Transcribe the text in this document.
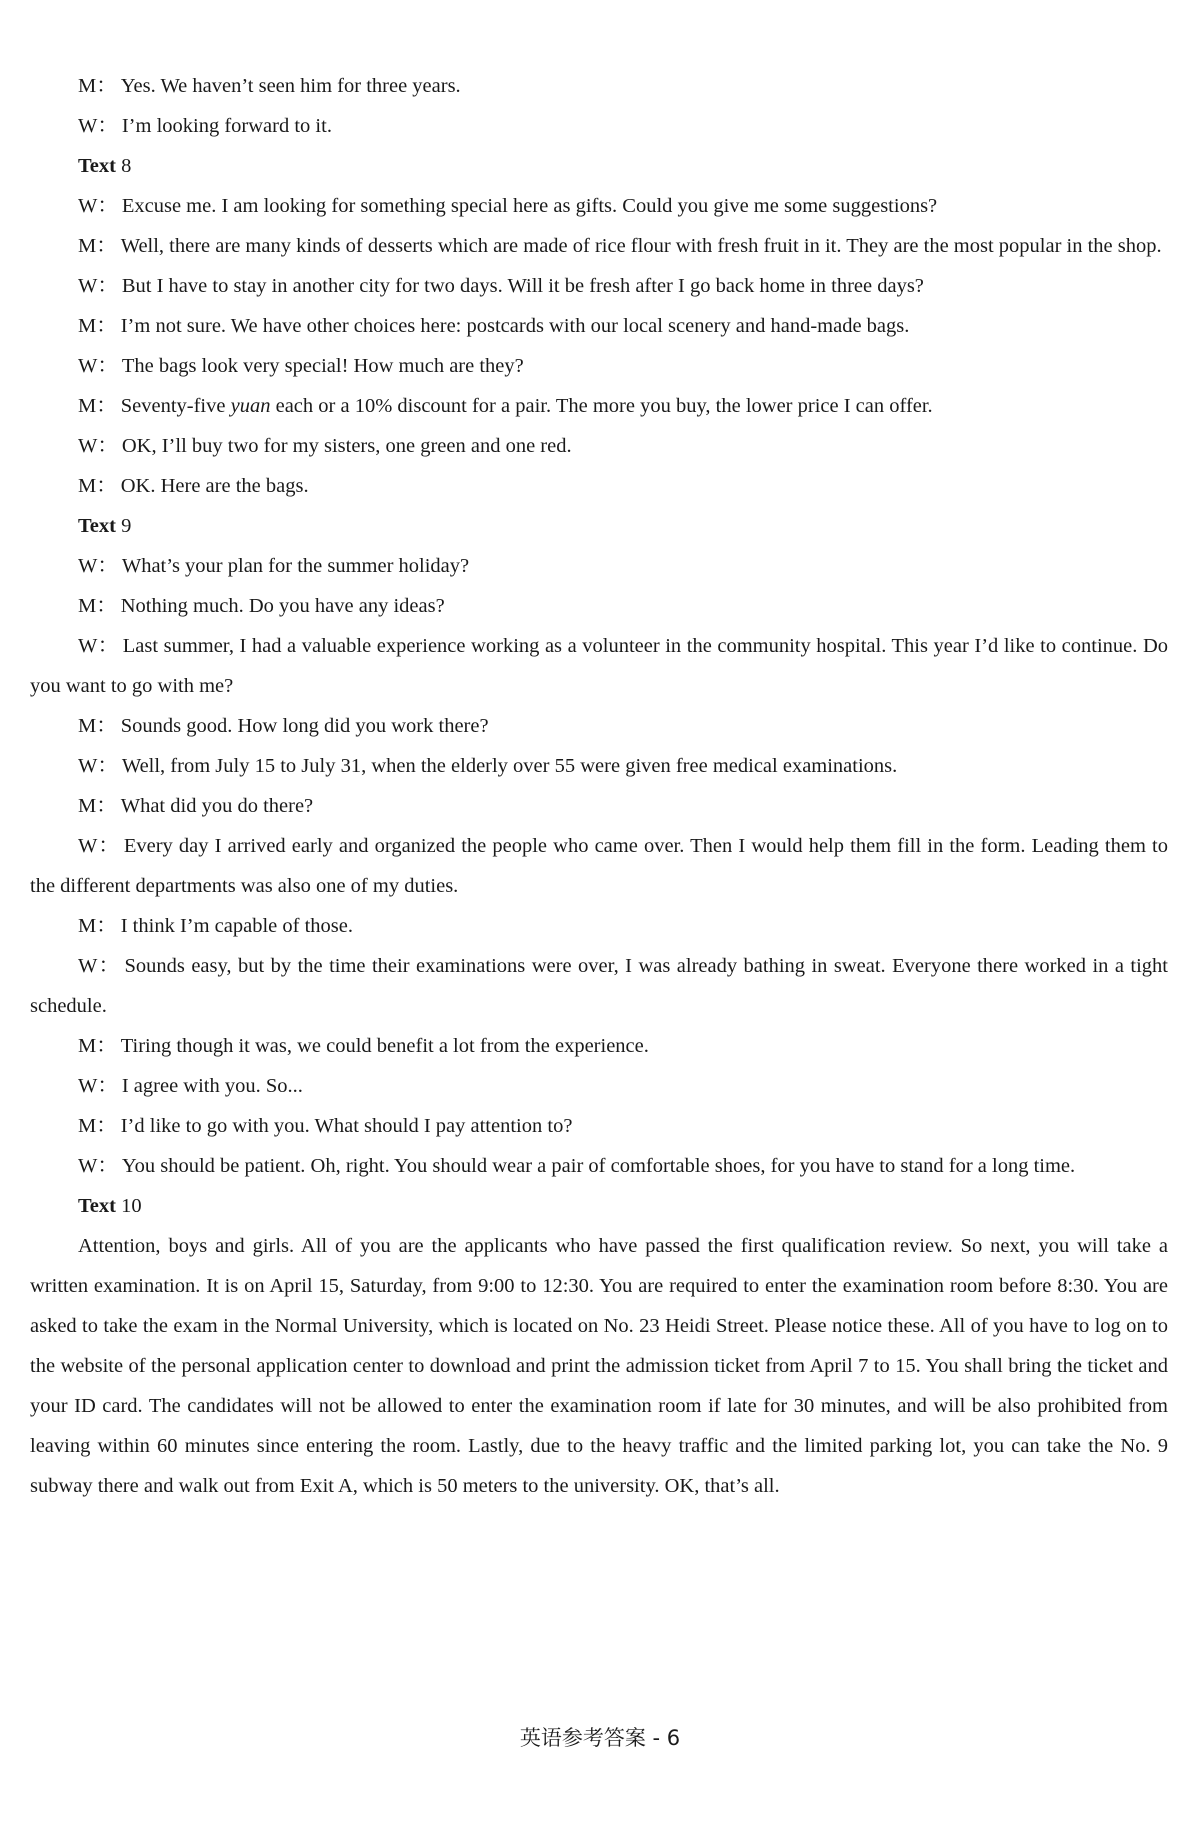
M： Yes. We haven’t seen him for three years.

W： I’m looking forward to it.

Text 8

W： Excuse me. I am looking for something special here as gifts. Could you give me some suggestions?

M： Well, there are many kinds of desserts which are made of rice flour with fresh fruit in it. They are the most popular in the shop.

W： But I have to stay in another city for two days. Will it be fresh after I go back home in three days?

M： I’m not sure. We have other choices here: postcards with our local scenery and hand-made bags.

W： The bags look very special! How much are they?

M： Seventy-five yuan each or a 10% discount for a pair. The more you buy, the lower price I can offer.

W： OK, I’ll buy two for my sisters, one green and one red.

M： OK. Here are the bags.

Text 9

W： What’s your plan for the summer holiday?

M： Nothing much. Do you have any ideas?

W： Last summer, I had a valuable experience working as a volunteer in the community hospital. This year I’d like to continue. Do you want to go with me?

M： Sounds good. How long did you work there?

W： Well, from July 15 to July 31, when the elderly over 55 were given free medical examinations.

M： What did you do there?

W： Every day I arrived early and organized the people who came over. Then I would help them fill in the form. Leading them to the different departments was also one of my duties.

M： I think I’m capable of those.

W： Sounds easy, but by the time their examinations were over, I was already bathing in sweat. Everyone there worked in a tight schedule.

M： Tiring though it was, we could benefit a lot from the experience.

W： I agree with you. So...

M： I’d like to go with you. What should I pay attention to?

W： You should be patient. Oh, right. You should wear a pair of comfortable shoes, for you have to stand for a long time.

Text 10

Attention, boys and girls. All of you are the applicants who have passed the first qualification review. So next, you will take a written examination. It is on April 15, Saturday, from 9:00 to 12:30. You are required to enter the examination room before 8:30. You are asked to take the exam in the Normal University, which is located on No. 23 Heidi Street. Please notice these. All of you have to log on to the website of the personal application center to download and print the admission ticket from April 7 to 15. You shall bring the ticket and your ID card. The candidates will not be allowed to enter the examination room if late for 30 minutes, and will be also prohibited from leaving within 60 minutes since entering the room. Lastly, due to the heavy traffic and the limited parking lot, you can take the No. 9 subway there and walk out from Exit A, which is 50 meters to the university. OK, that’s all.

英语参考答案 - 6
